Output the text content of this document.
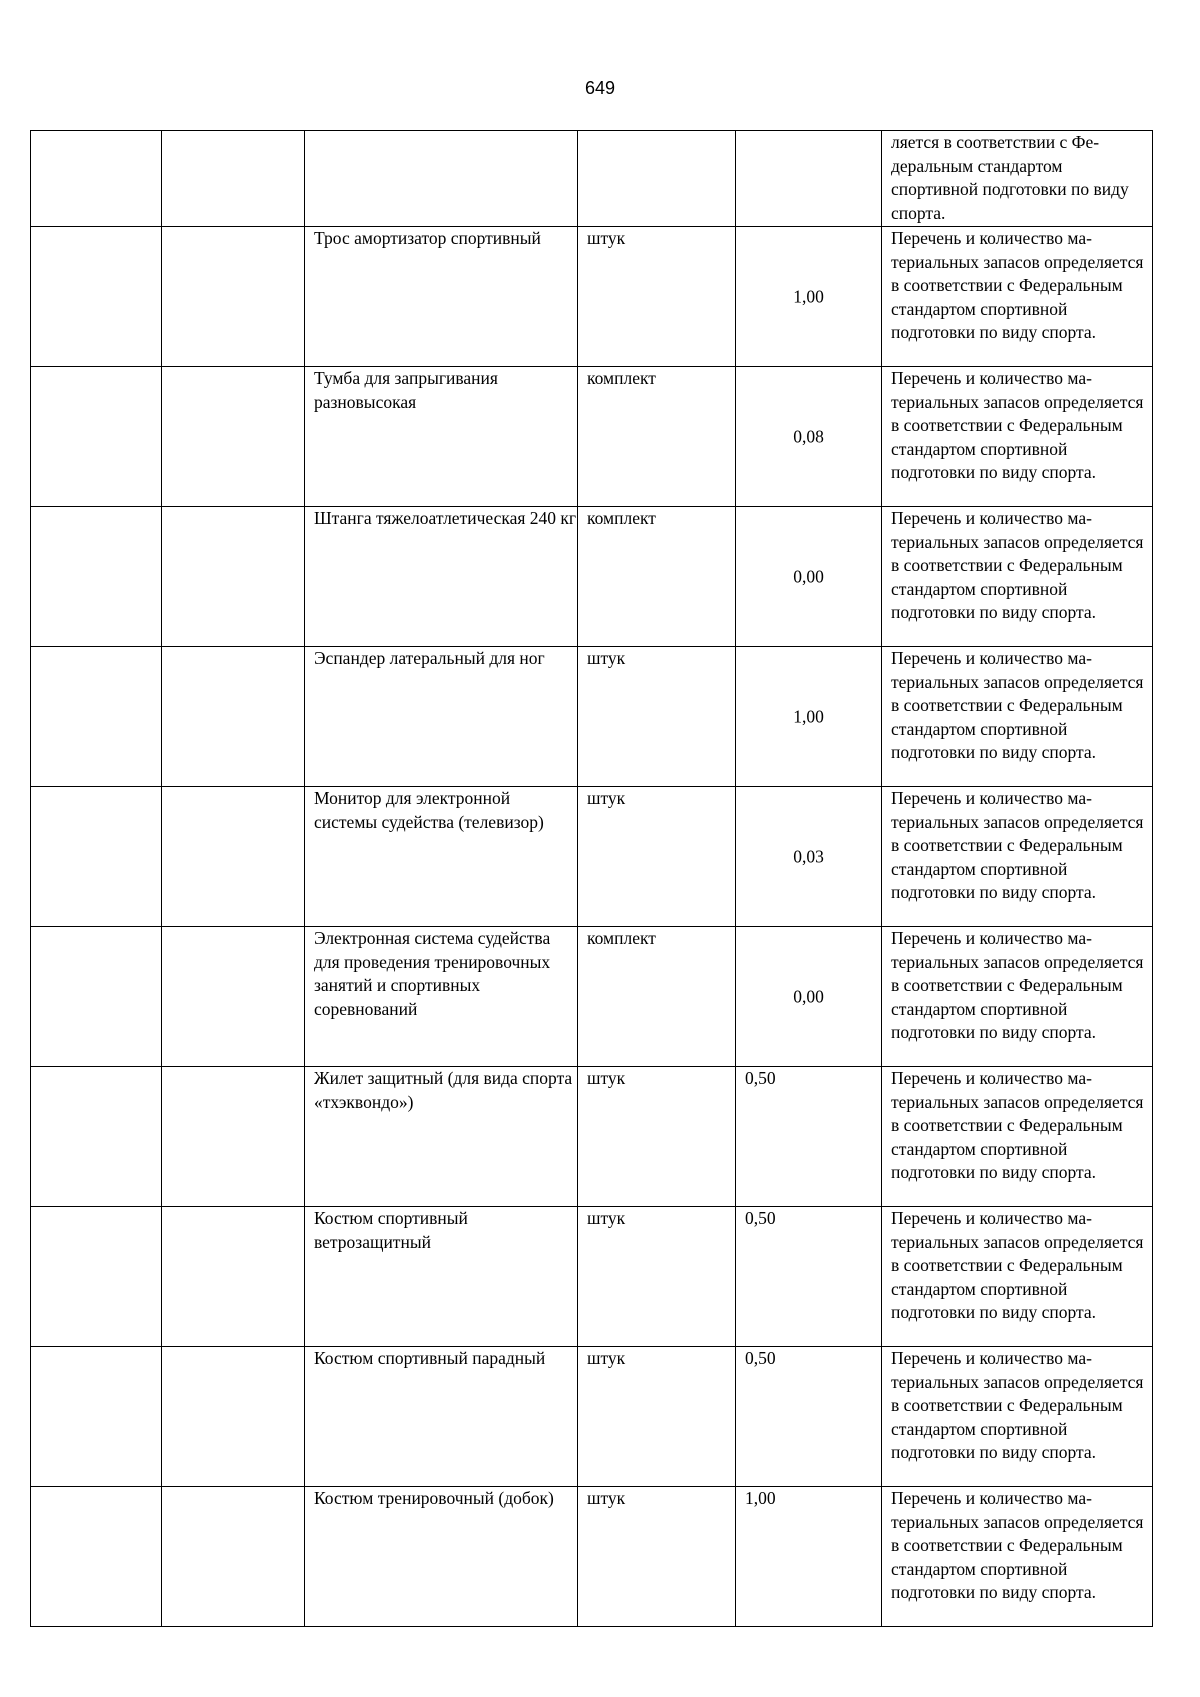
649
					ляется в соответствии с Федеральным стандартом спортивной подготовки по виду спорта.
		Трос амортизатор спортивный	штук	1,00	Перечень и количество материальных запасов определяется в соответствии с Федеральным стандартом спортивной подготовки по виду спорта.
		Тумба для запрыгивания разновысокая	комплект	0,08	Перечень и количество материальных запасов определяется в соответствии с Федеральным стандартом спортивной подготовки по виду спорта.
		Штанга тяжелоатлетическая 240 кг	комплект	0,00	Перечень и количество материальных запасов определяется в соответствии с Федеральным стандартом спортивной подготовки по виду спорта.
		Эспандер латеральный для ног	штук	1,00	Перечень и количество материальных запасов определяется в соответствии с Федеральным стандартом спортивной подготовки по виду спорта.
		Монитор для электронной системы судейства (телевизор)	штук	0,03	Перечень и количество материальных запасов определяется в соответствии с Федеральным стандартом спортивной подготовки по виду спорта.
		Электронная система судейства для проведения тренировочных занятий и спортивных соревнований	комплект	0,00	Перечень и количество материальных запасов определяется в соответствии с Федеральным стандартом спортивной подготовки по виду спорта.
		Жилет защитный (для вида спорта «тхэквондо»)	штук	0,50	Перечень и количество материальных запасов определяется в соответствии с Федеральным стандартом спортивной подготовки по виду спорта.
		Костюм спортивный ветрозащитный	штук	0,50	Перечень и количество материальных запасов определяется в соответствии с Федеральным стандартом спортивной подготовки по виду спорта.
		Костюм спортивный парадный	штук	0,50	Перечень и количество материальных запасов определяется в соответствии с Федеральным стандартом спортивной подготовки по виду спорта.
		Костюм тренировочный (добок)	штук	1,00	Перечень и количество материальных запасов определяется в соответствии с Федеральным стандартом спортивной подготовки по виду спорта.
